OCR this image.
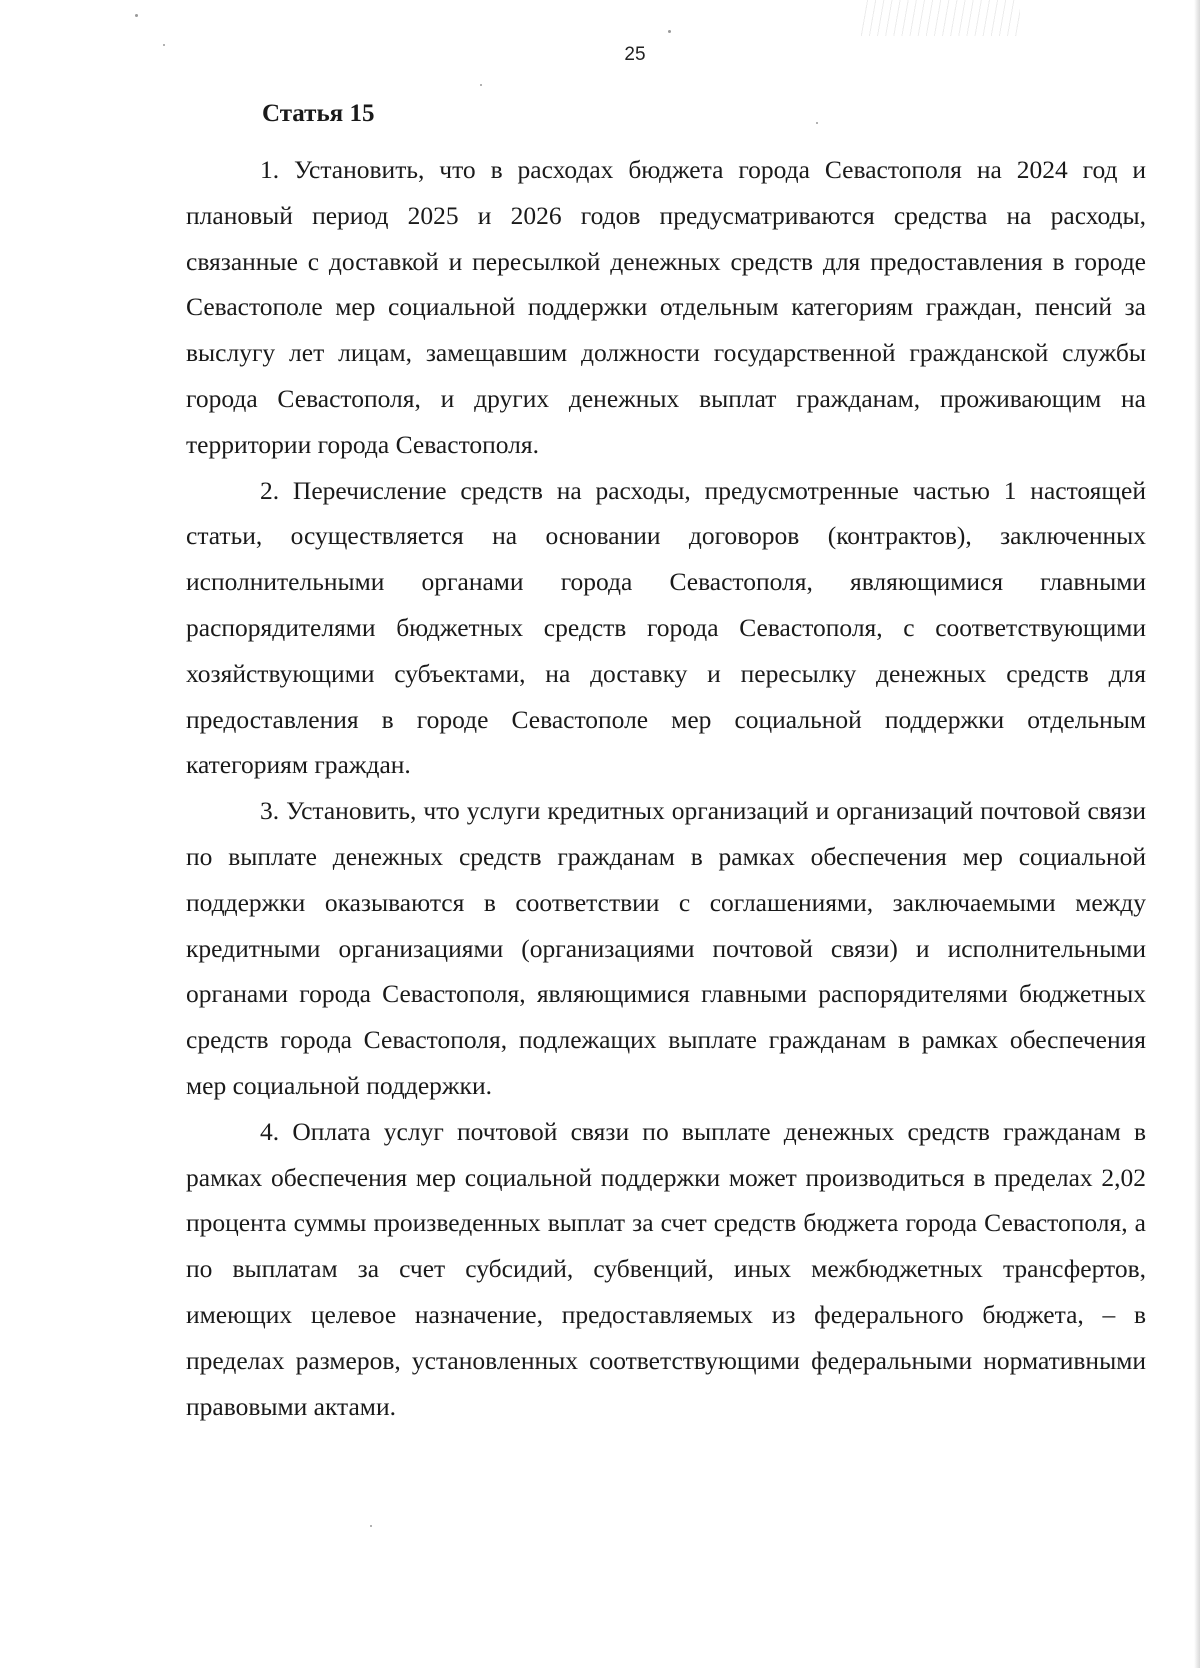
25
Статья 15

1. Установить, что в расходах бюджета города Севастополя на 2024 год и плановый период 2025 и 2026 годов предусматриваются средства на расходы, связанные с доставкой и пересылкой денежных средств для предоставления в городе Севастополе мер социальной поддержки отдельным категориям граждан, пенсий за выслугу лет лицам, замещавшим должности государственной гражданской службы города Севастополя, и других денежных выплат гражданам, проживающим на территории города Севастополя.

2. Перечисление средств на расходы, предусмотренные частью 1 настоящей статьи, осуществляется на основании договоров (контрактов), заключенных исполнительными органами города Севастополя, являющимися главными распорядителями бюджетных средств города Севастополя, с соответствующими хозяйствующими субъектами, на доставку и пересылку денежных средств для предоставления в городе Севастополе мер социальной поддержки отдельным категориям граждан.

3. Установить, что услуги кредитных организаций и организаций почтовой связи по выплате денежных средств гражданам в рамках обеспечения мер социальной поддержки оказываются в соответствии с соглашениями, заключаемыми между кредитными организациями (организациями почтовой связи) и исполнительными органами города Севастополя, являющимися главными распорядителями бюджетных средств города Севастополя, подлежащих выплате гражданам в рамках обеспечения мер социальной поддержки.

4. Оплата услуг почтовой связи по выплате денежных средств гражданам в рамках обеспечения мер социальной поддержки может производиться в пределах 2,02 процента суммы произведенных выплат за счет средств бюджета города Севастополя, а по выплатам за счет субсидий, субвенций, иных межбюджетных трансфертов, имеющих целевое назначение, предоставляемых из федерального бюджета, – в пределах размеров, установленных соответствующими федеральными нормативными правовыми актами.
